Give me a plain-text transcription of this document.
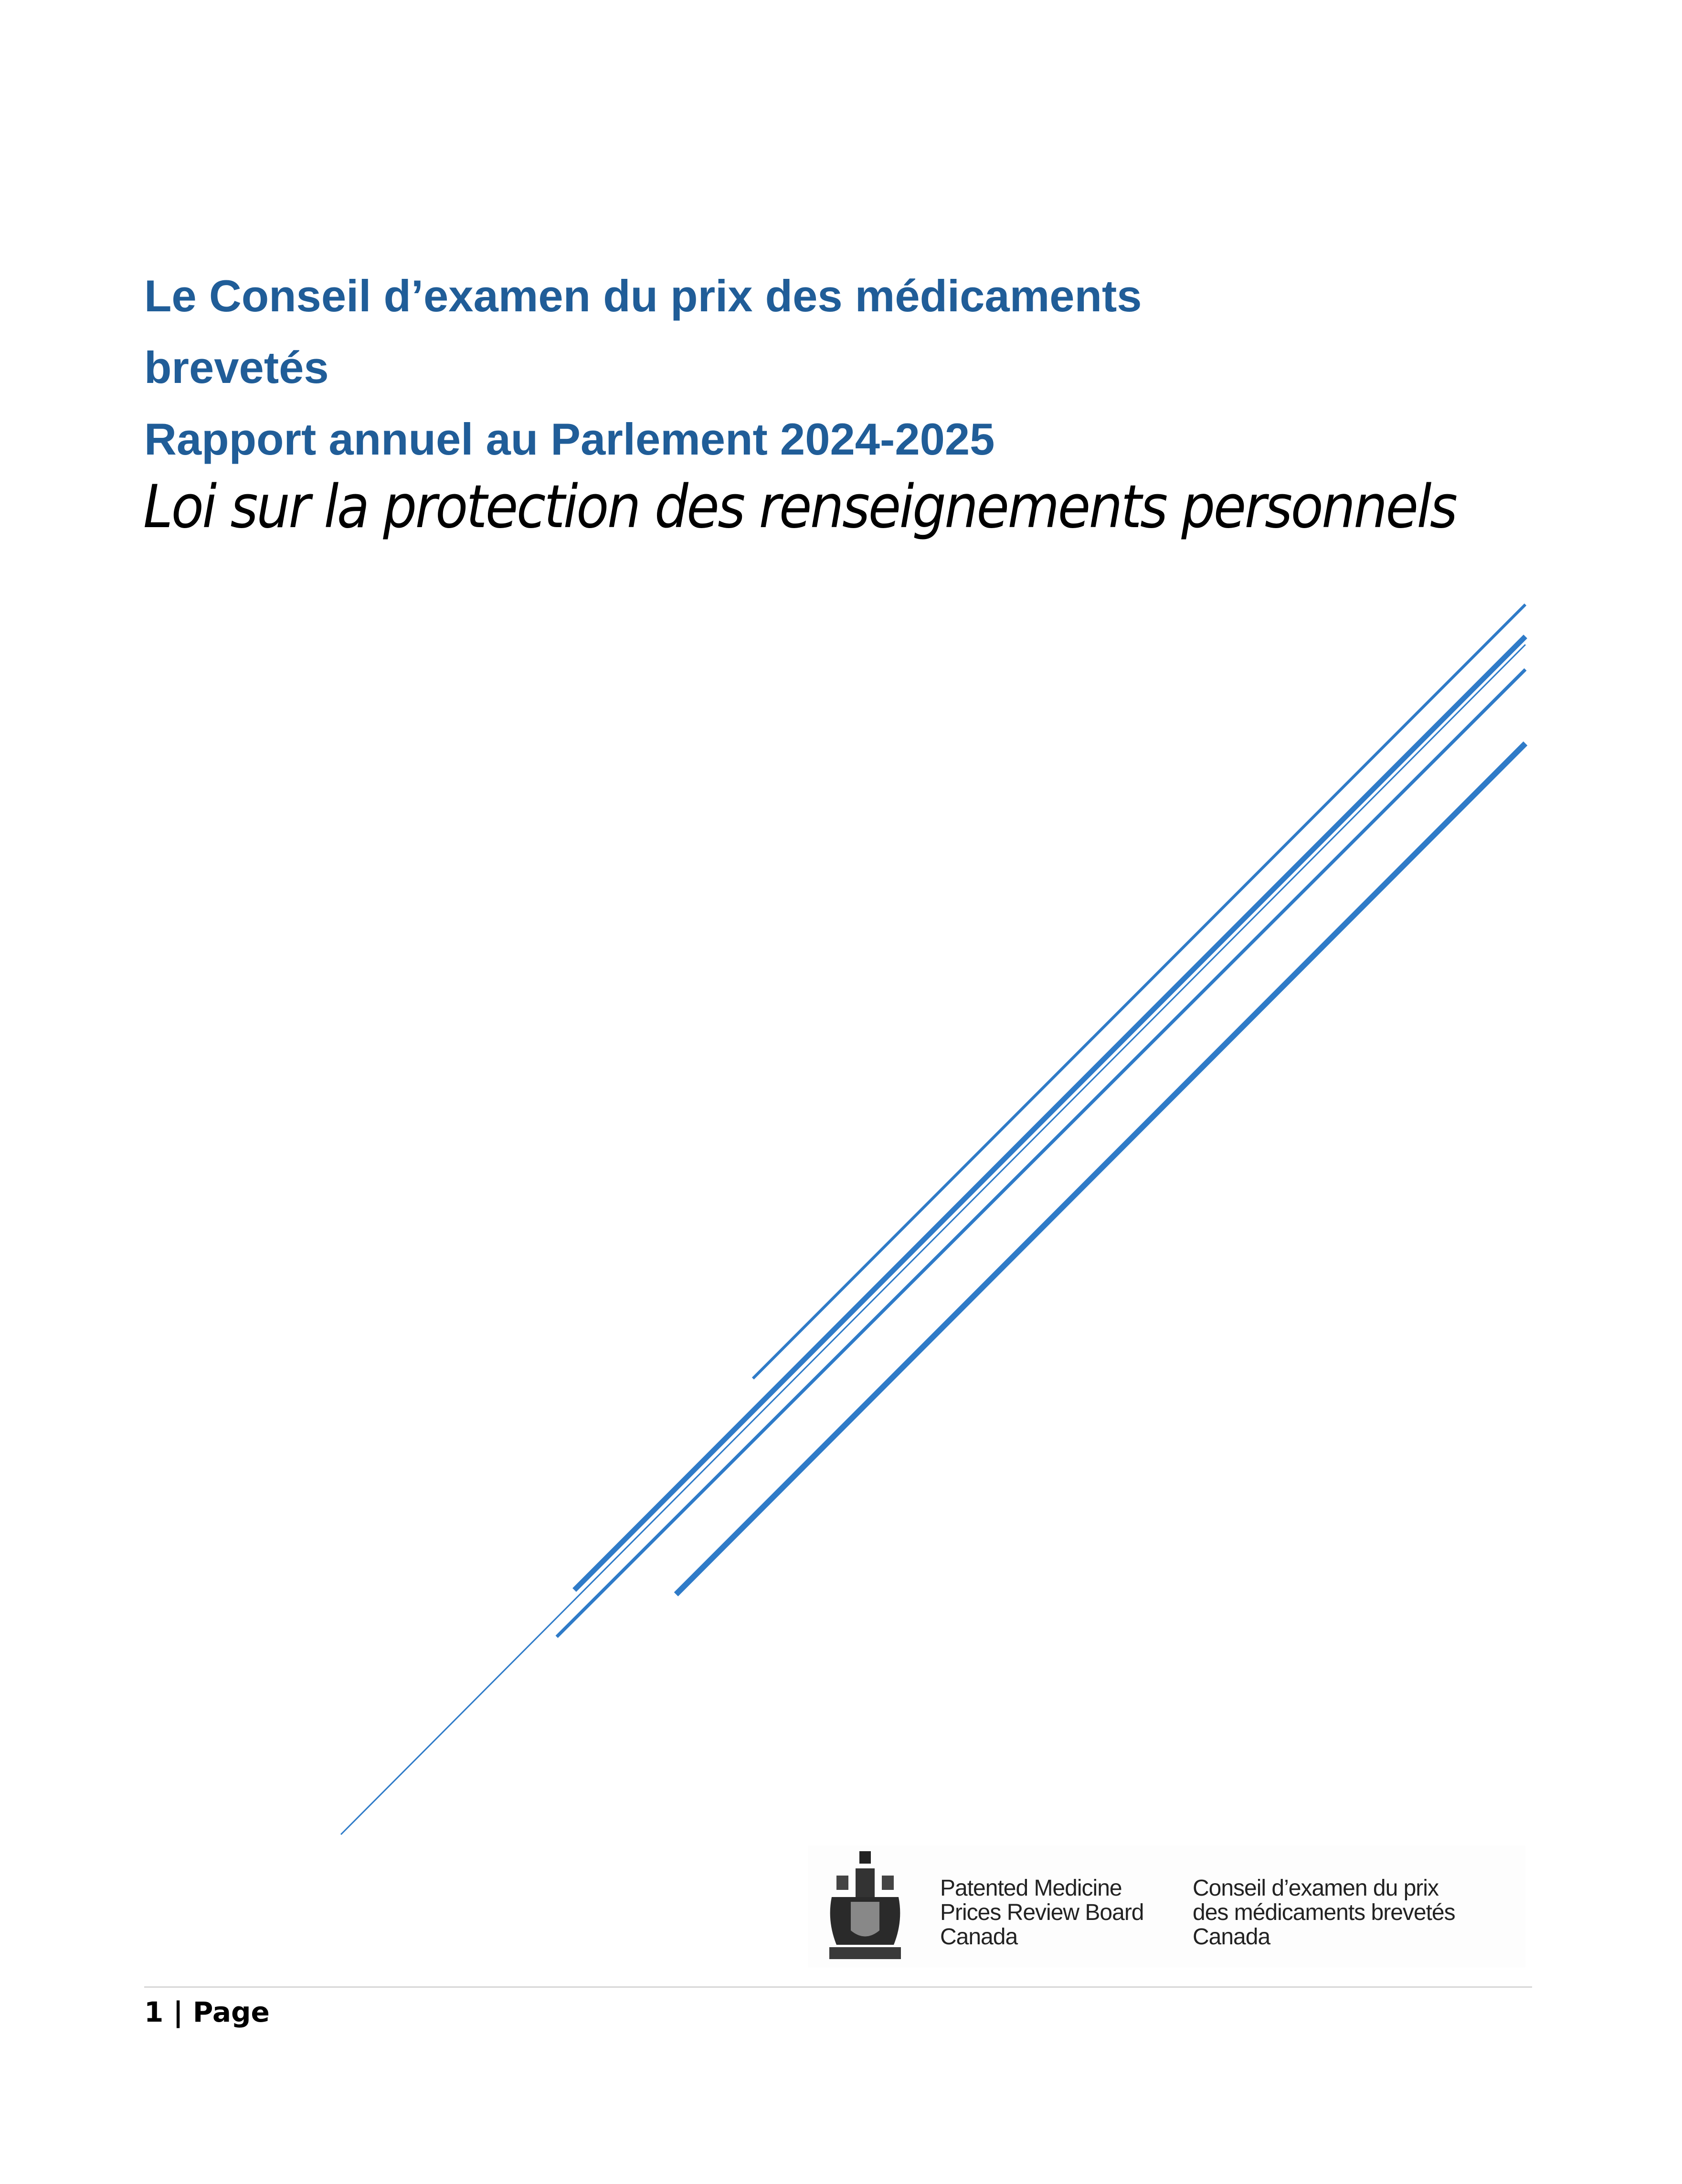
Le Conseil d’examen du prix des médicaments
brevetés
Rapport annuel au Parlement 2024-2025
Loi sur la protection des renseignements personnels
Patented Medicine
Prices Review Board
Canada
Conseil d’examen du prix
des médicaments brevetés
Canada
1 | Page
